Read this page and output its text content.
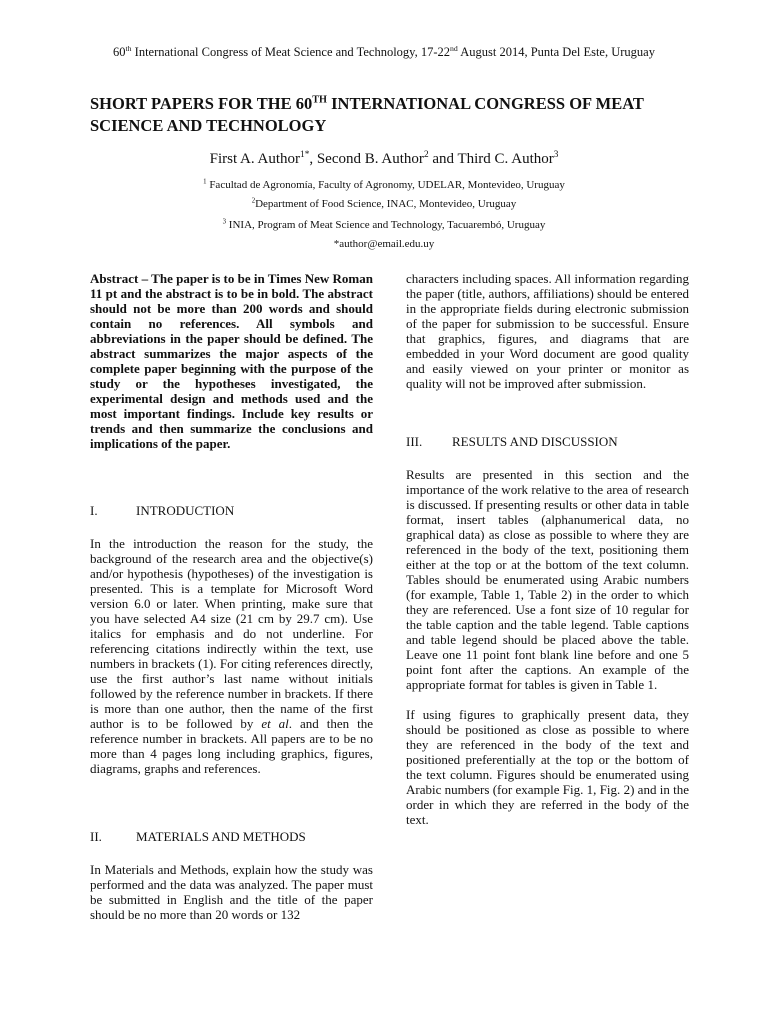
60th International Congress of Meat Science and Technology, 17-22nd August 2014, Punta Del Este, Uruguay
SHORT PAPERS FOR THE 60TH INTERNATIONAL CONGRESS OF MEAT SCIENCE AND TECHNOLOGY
First A. Author$^{1*}$, Second B. Author$^2$ and Third C. Author$^3$
$^1$ Facultad de Agronomía, Faculty of Agronomy, UDELAR, Montevideo, Uruguay
$^2$Department of Food Science, INAC, Montevideo, Uruguay
$^3$ INIA, Program of Meat Science and Technology, Tacuarembó, Uruguay
*author@email.edu.uy

Abstract – The paper is to be in Times New Roman 11 pt and the abstract is to be in bold. The abstract should not be more than 200 words and should contain no references. All symbols and abbreviations in the paper should be defined. The abstract summarizes the major aspects of the complete paper beginning with the purpose of the study or the hypotheses investigated, the experimental design and methods used and the most important findings. Include key results or trends and then summarize the conclusions and implications of the paper.

I.	INTRODUCTION

In the introduction the reason for the study, the background of the research area and the objective(s) and/or hypothesis (hypotheses) of the investigation is presented. This is a template for Microsoft Word version 6.0 or later. When printing, make sure that you have selected A4 size (21 cm by 29.7 cm). Use italics for emphasis and do not underline. For referencing citations indirectly within the text, use numbers in brackets (1). For citing references directly, use the first author’s last name without initials followed by the reference number in brackets. If there is more than one author, then the name of the first author is to be followed by et al. and then the reference number in brackets. All papers are to be no more than 4 pages long including graphics, figures, diagrams, graphs and references.

II.	MATERIALS AND METHODS

In Materials and Methods, explain how the study was performed and the data was analyzed. The paper must be submitted in English and the title of the paper should be no more than 20 words or 132

characters including spaces. All information regarding the paper (title, authors, affiliations) should be entered in the appropriate fields during electronic submission of the paper for submission to be successful. Ensure that graphics, figures, and diagrams that are embedded in your Word document are good quality and easily viewed on your printer or monitor as quality will not be improved after submission.

III.	RESULTS AND DISCUSSION

Results are presented in this section and the importance of the work relative to the area of research is discussed. If presenting results or other data in table format, insert tables (alphanumerical data, no graphical data) as close as possible to where they are referenced in the body of the text, positioning them either at the top or at the bottom of the text column. Tables should be enumerated using Arabic numbers (for example, Table 1, Table 2) in the order to which they are referenced. Use a font size of 10 regular for the table caption and the table legend. Table captions and table legend should be placed above the table. Leave one 11 point font blank line before and one 5 point font after the captions. An example of the appropriate format for tables is given in Table 1.

If using figures to graphically present data, they should be positioned as close as possible to where they are referenced in the body of the text and positioned preferentially at the top or the bottom of the text column. Figures should be enumerated using Arabic numbers (for example Fig. 1, Fig. 2) and in the order in which they are referred in the body of the text.
